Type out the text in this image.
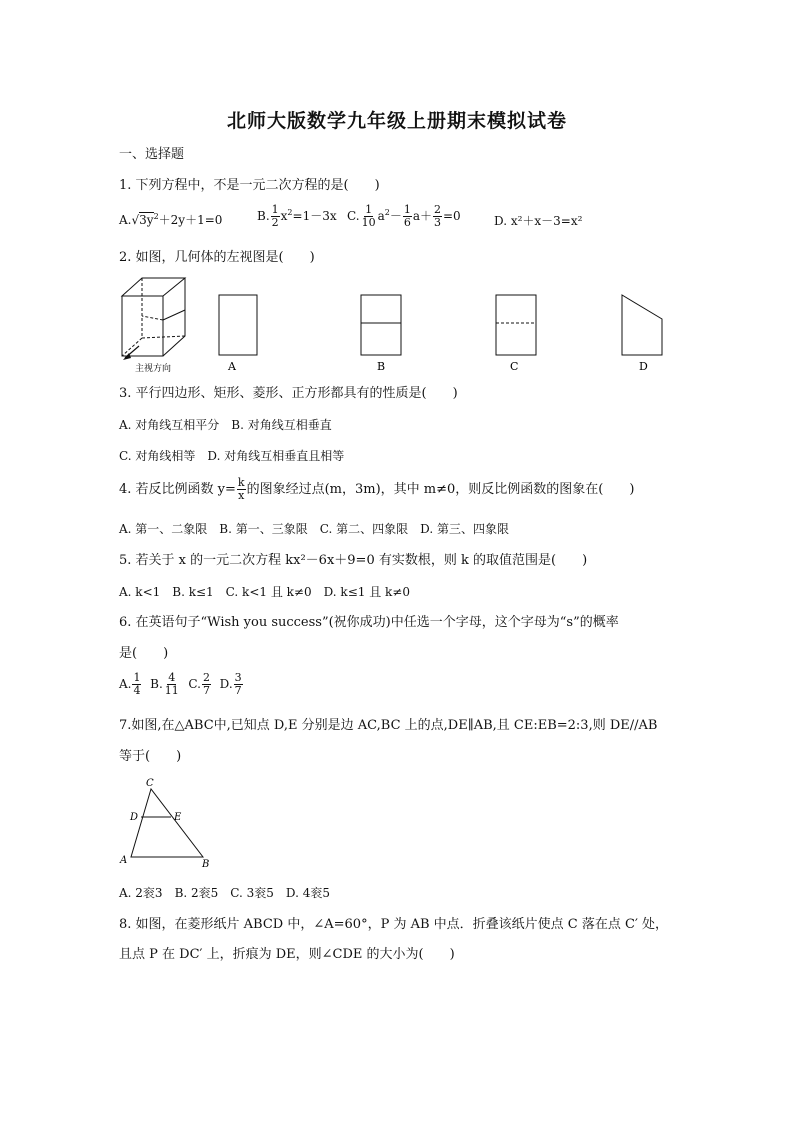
北师大版数学九年级上册期末模拟试卷
一、选择题
1. 下列方程中，不是一元二次方程的是(　　)
$A.√3y^2+2y+1=0$	B. $\frac{1}{2} x^2=1-3x$ C. $\frac{1}{10} a^2- \frac{1}{6} a+ \frac{2}{3} =0$	D. x²＋x－3=x²
2. 如图，几何体的左视图是(　　)
主视方向	A	B	C	D
3. 平行四边形、矩形、菱形、正方形都具有的性质是(　　)
A. 对角线互相平分　B. 对角线互相垂直
C. 对角线相等　D. 对角线互相垂直且相等
4. 若反比例函数 $y= \frac{k}{x}$ 的图象经过点(m，3m)，其中 m≠0，则反比例函数的图象在(　　)
A. 第一、二象限　B. 第一、三象限　C. 第二、四象限　D. 第三、四象限
5. 若关于 x 的一元二次方程 kx²－6x＋9=0 有实数根，则 k 的取值范围是(　　)
A. k<1　B. k≤1　C. k<1 且 k≠0　D. k≤1 且 k≠0
6. 在英语句子“Wish you success”(祝你成功)中任选一个字母，这个字母为“s”的概率
是(　　)
A. $\frac{1}{4} B$. $\frac{4}{11} C$. $\frac{2}{7} D$. $\frac{3}{7}$
7.如图,在△ABC中,已知点 D,E 分别是边 AC,BC 上的点,DE∥AB,且 CE:EB=2:3,则 DE//AB
等于(　　)
C
D	E
A	B
A. 2衮3　B. 2衮5　C. 3衮5　D. 4衮5
8. 如图，在菱形纸片 ABCD 中，∠A=60°，P 为 AB 中点．折叠该纸片使点 C 落在点 C′ 处，
且点 P 在 DC′ 上，折痕为 DE，则∠CDE 的大小为(　　)
